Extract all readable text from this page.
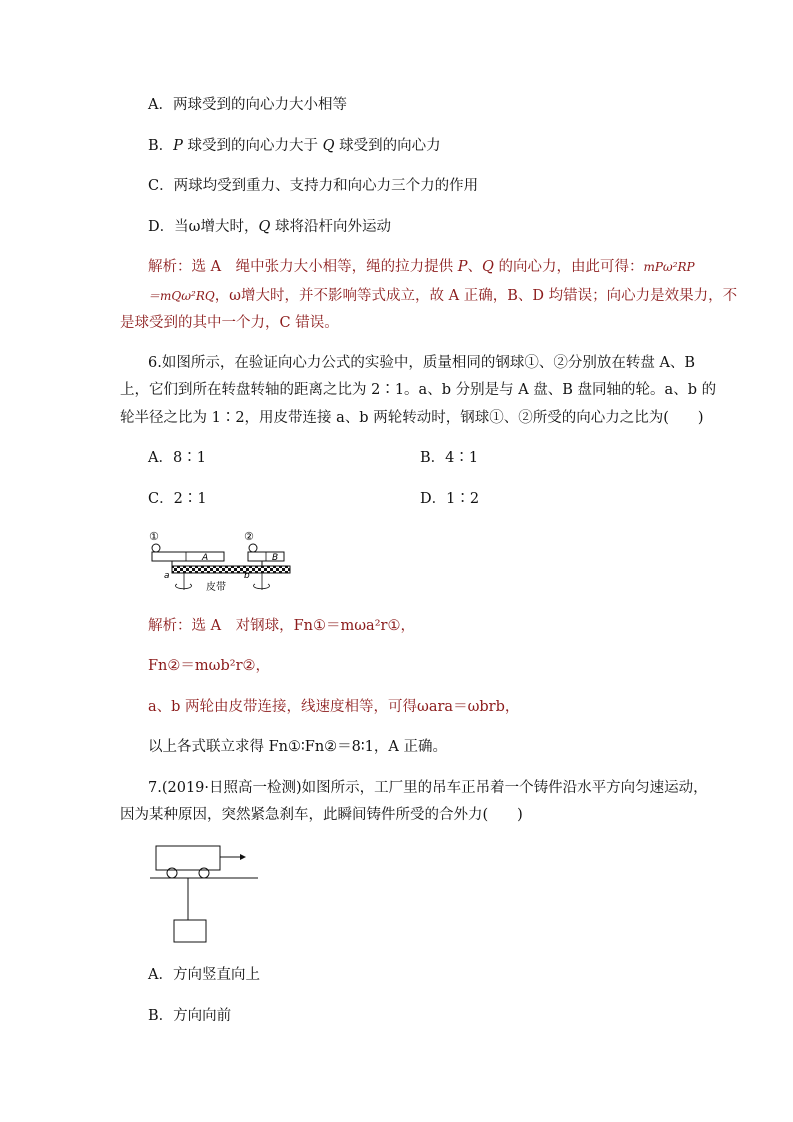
A．两球受到的向心力大小相等
B．P 球受到的向心力大于 Q 球受到的向心力
C．两球均受到重力、支持力和向心力三个力的作用
D．当ω增大时，Q 球将沿杆向外运动
解析：选 A　绳中张力大小相等，绳的拉力提供 P、Q 的向心力，由此可得：mPω²RP
＝mQω²RQ，ω增大时，并不影响等式成立，故 A 正确，B、D 均错误；向心力是效果力，不
是球受到的其中一个力，C 错误。
6.如图所示，在验证向心力公式的实验中，质量相同的钢球①、②分别放在转盘 A、B
上，它们到所在转盘转轴的距离之比为 2∶1。a、b 分别是与 A 盘、B 盘同轴的轮。a、b 的
轮半径之比为 1∶2，用皮带连接 a、b 两轮转动时，钢球①、②所受的向心力之比为(　　)
A．8∶1	B．4∶1
C．2∶1	D．1∶2
①
A
②
B
a	b
皮带
解析：选 A　对钢球，Fn①＝mωa²r①，
Fn②＝mωb²r②，
a、b 两轮由皮带连接，线速度相等，可得ωara＝ωbrb，
以上各式联立求得 Fn①∶Fn②＝8∶1，A 正确。
7.(2019·日照高一检测)如图所示，工厂里的吊车正吊着一个铸件沿水平方向匀速运动，
因为某种原因，突然紧急刹车，此瞬间铸件所受的合外力(　　)
A．方向竖直向上
B．方向向前
